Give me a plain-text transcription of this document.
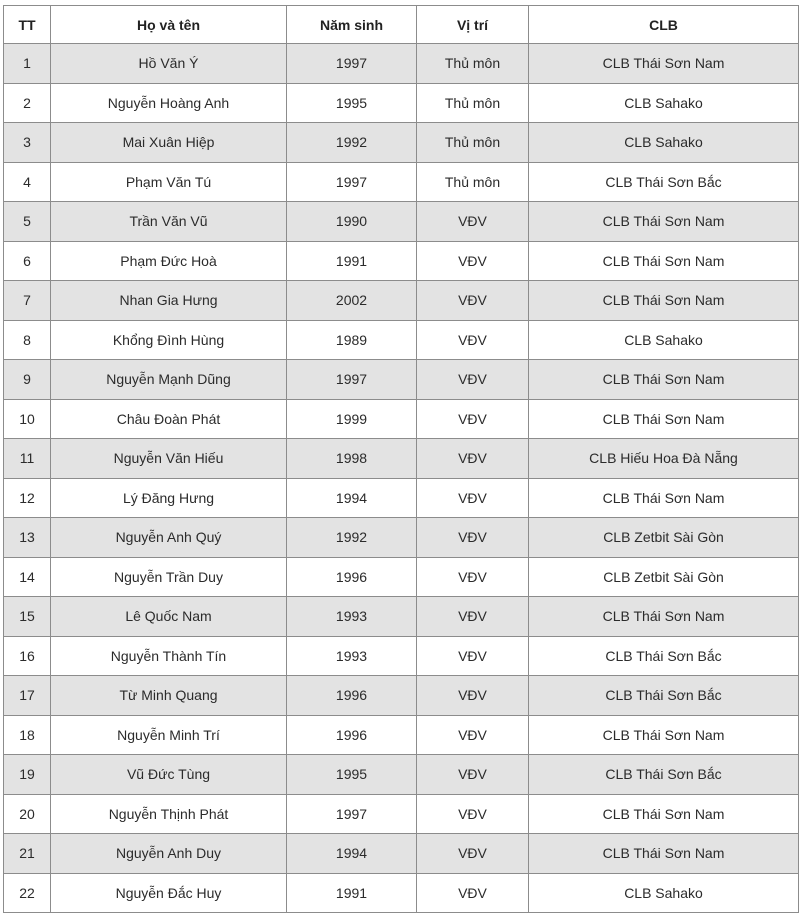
TT	Họ và tên	Năm sinh	Vị trí	CLB
1	Hồ Văn Ý	1997	Thủ môn	CLB Thái Sơn Nam
2	Nguyễn Hoàng Anh	1995	Thủ môn	CLB Sahako
3	Mai Xuân Hiệp	1992	Thủ môn	CLB Sahako
4	Phạm Văn Tú	1997	Thủ môn	CLB Thái Sơn Bắc
5	Trần Văn Vũ	1990	VĐV	CLB Thái Sơn Nam
6	Phạm Đức Hoà	1991	VĐV	CLB Thái Sơn Nam
7	Nhan Gia Hưng	2002	VĐV	CLB Thái Sơn Nam
8	Khổng Đình Hùng	1989	VĐV	CLB Sahako
9	Nguyễn Mạnh Dũng	1997	VĐV	CLB Thái Sơn Nam
10	Châu Đoàn Phát	1999	VĐV	CLB Thái Sơn Nam
11	Nguyễn Văn Hiếu	1998	VĐV	CLB Hiếu Hoa Đà Nẵng
12	Lý Đăng Hưng	1994	VĐV	CLB Thái Sơn Nam
13	Nguyễn Anh Quý	1992	VĐV	CLB Zetbit Sài Gòn
14	Nguyễn Trần Duy	1996	VĐV	CLB Zetbit Sài Gòn
15	Lê Quốc Nam	1993	VĐV	CLB Thái Sơn Nam
16	Nguyễn Thành Tín	1993	VĐV	CLB Thái Sơn Bắc
17	Từ Minh Quang	1996	VĐV	CLB Thái Sơn Bắc
18	Nguyễn Minh Trí	1996	VĐV	CLB Thái Sơn Nam
19	Vũ Đức Tùng	1995	VĐV	CLB Thái Sơn Bắc
20	Nguyễn Thịnh Phát	1997	VĐV	CLB Thái Sơn Nam
21	Nguyễn Anh Duy	1994	VĐV	CLB Thái Sơn Nam
22	Nguyễn Đắc Huy	1991	VĐV	CLB Sahako
